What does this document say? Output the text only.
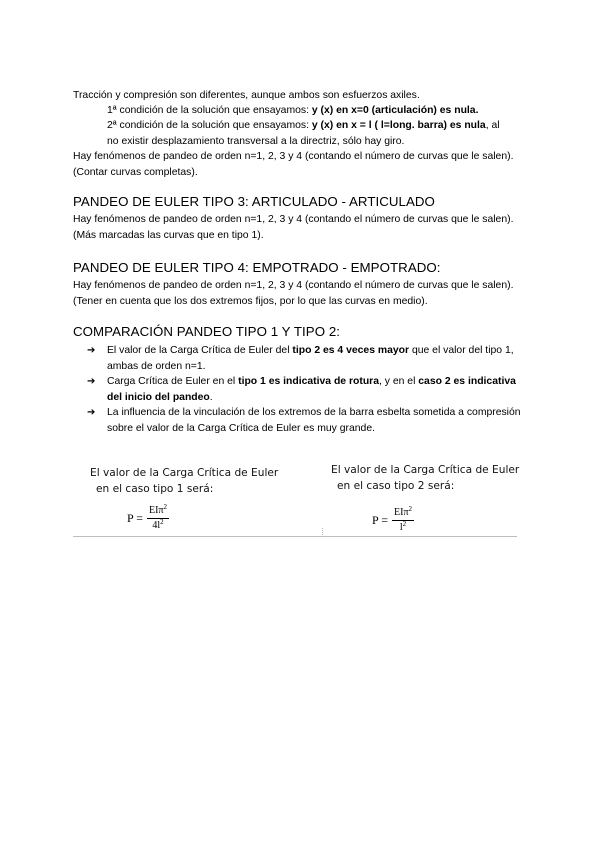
Tracción y compresión son diferentes, aunque ambos son esfuerzos axiles.

1ª condición de la solución que ensayamos: y (x) en x=0 (articulación) es nula.

2ª condición de la solución que ensayamos: y (x) en x = l ( l=long. barra) es nula, al
no existir desplazamiento transversal a la directriz, sólo hay giro.

Hay fenómenos de pandeo de orden n=1, 2, 3 y 4 (contando el número de curvas que le salen). (Contar curvas completas).

PANDEO DE EULER TIPO 3: ARTICULADO - ARTICULADO

Hay fenómenos de pandeo de orden n=1, 2, 3 y 4 (contando el número de curvas que le salen).(Más marcadas las curvas que en tipo 1).

PANDEO DE EULER TIPO 4: EMPOTRADO - EMPOTRADO:

Hay fenómenos de pandeo de orden n=1, 2, 3 y 4 (contando el número de curvas que le salen).(Tener en cuenta que los dos extremos fijos, por lo que las curvas en medio).

COMPARACIÓN PANDEO TIPO 1 Y TIPO 2:
➔ El valor de la Carga Crítica de Euler del tipo 2 es 4 veces mayor que el valor del tipo 1, ambas de orden n=1.
➔ Carga Crítica de Euler en el tipo 1 es indicativa de rotura, y en el caso 2 es indicativa del inicio del pandeo.
➔ La influencia de la vinculación de los extremos de la barra esbelta sometida a compresión sobre el valor de la Carga Crítica de Euler es muy grande.
El valor de la Carga Crítica de Euler
en el caso tipo 1 será:
$P = \frac{EI\pi^2}{4l^2}$
El valor de la Carga Crítica de Euler
en el caso tipo 2 será:
$P = \frac{EI\pi^2}{l^2}$
